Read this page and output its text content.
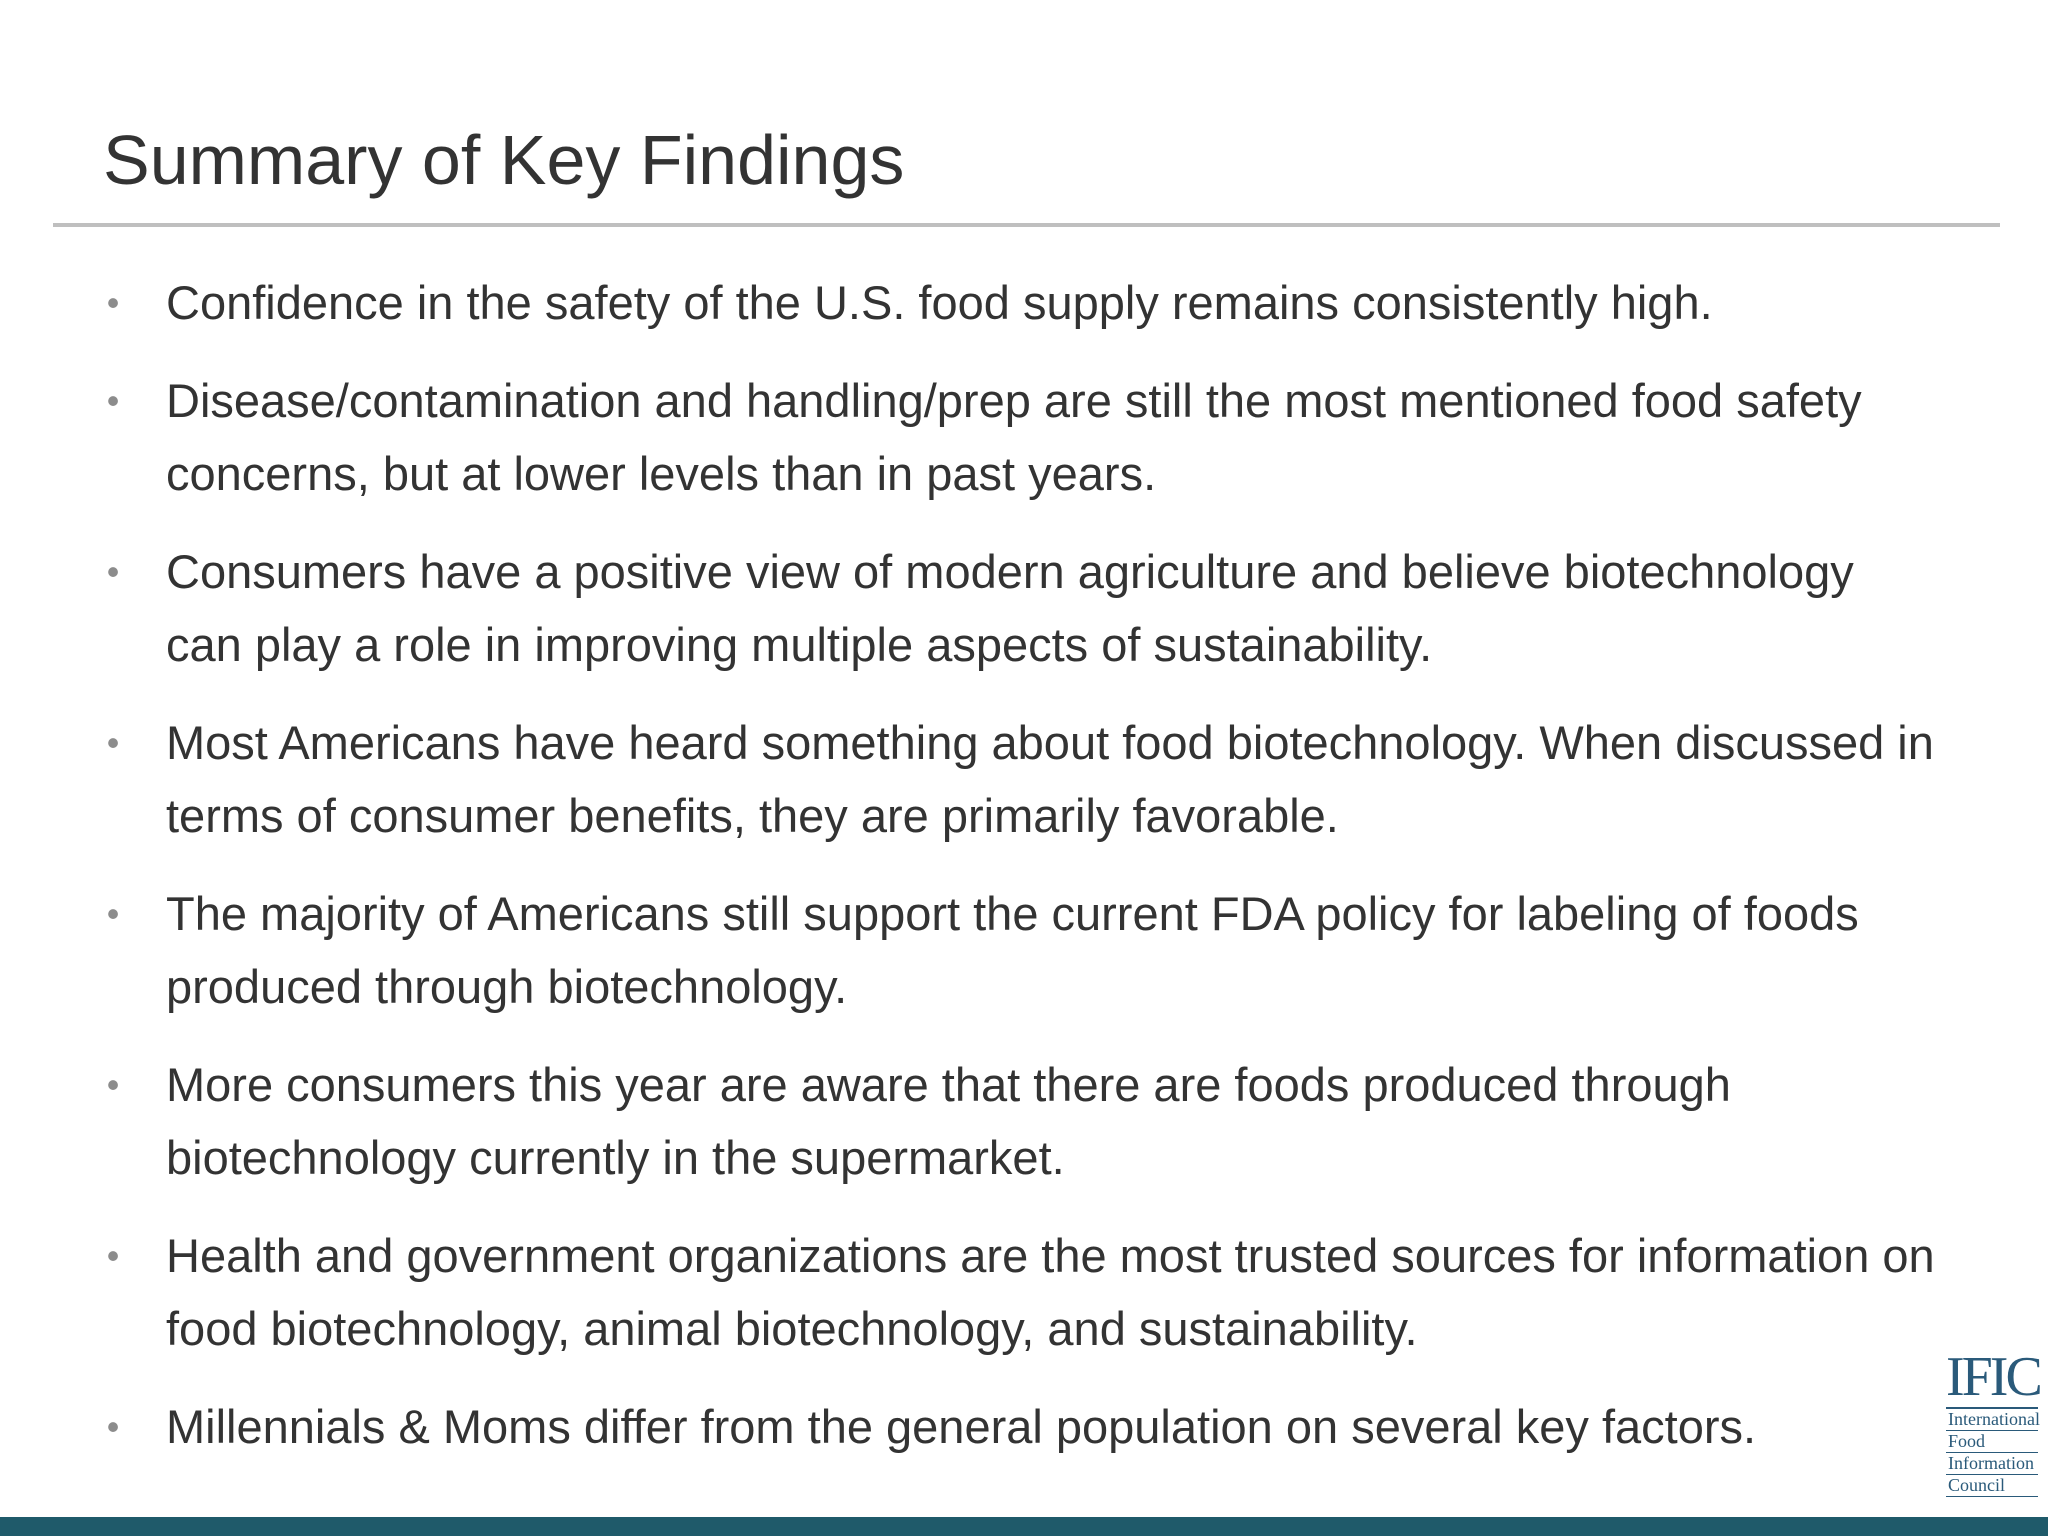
Summary of Key Findings
• Confidence in the safety of the U.S. food supply remains consistently high.
• Disease/contamination and handling/prep are still the most mentioned food safety concerns, but at lower levels than in past years.
• Consumers have a positive view of modern agriculture and believe biotechnology can play a role in improving multiple aspects of sustainability.
• Most Americans have heard something about food biotechnology. When discussed in terms of consumer benefits, they are primarily favorable.
• The majority of Americans still support the current FDA policy for labeling of foods produced through biotechnology.
• More consumers this year are aware that there are foods produced through biotechnology currently in the supermarket.
• Health and government organizations are the most trusted sources for information on food biotechnology, animal biotechnology, and sustainability.
• Millennials & Moms differ from the general population on several key factors.
IFIC
International
Food
Information
Council
